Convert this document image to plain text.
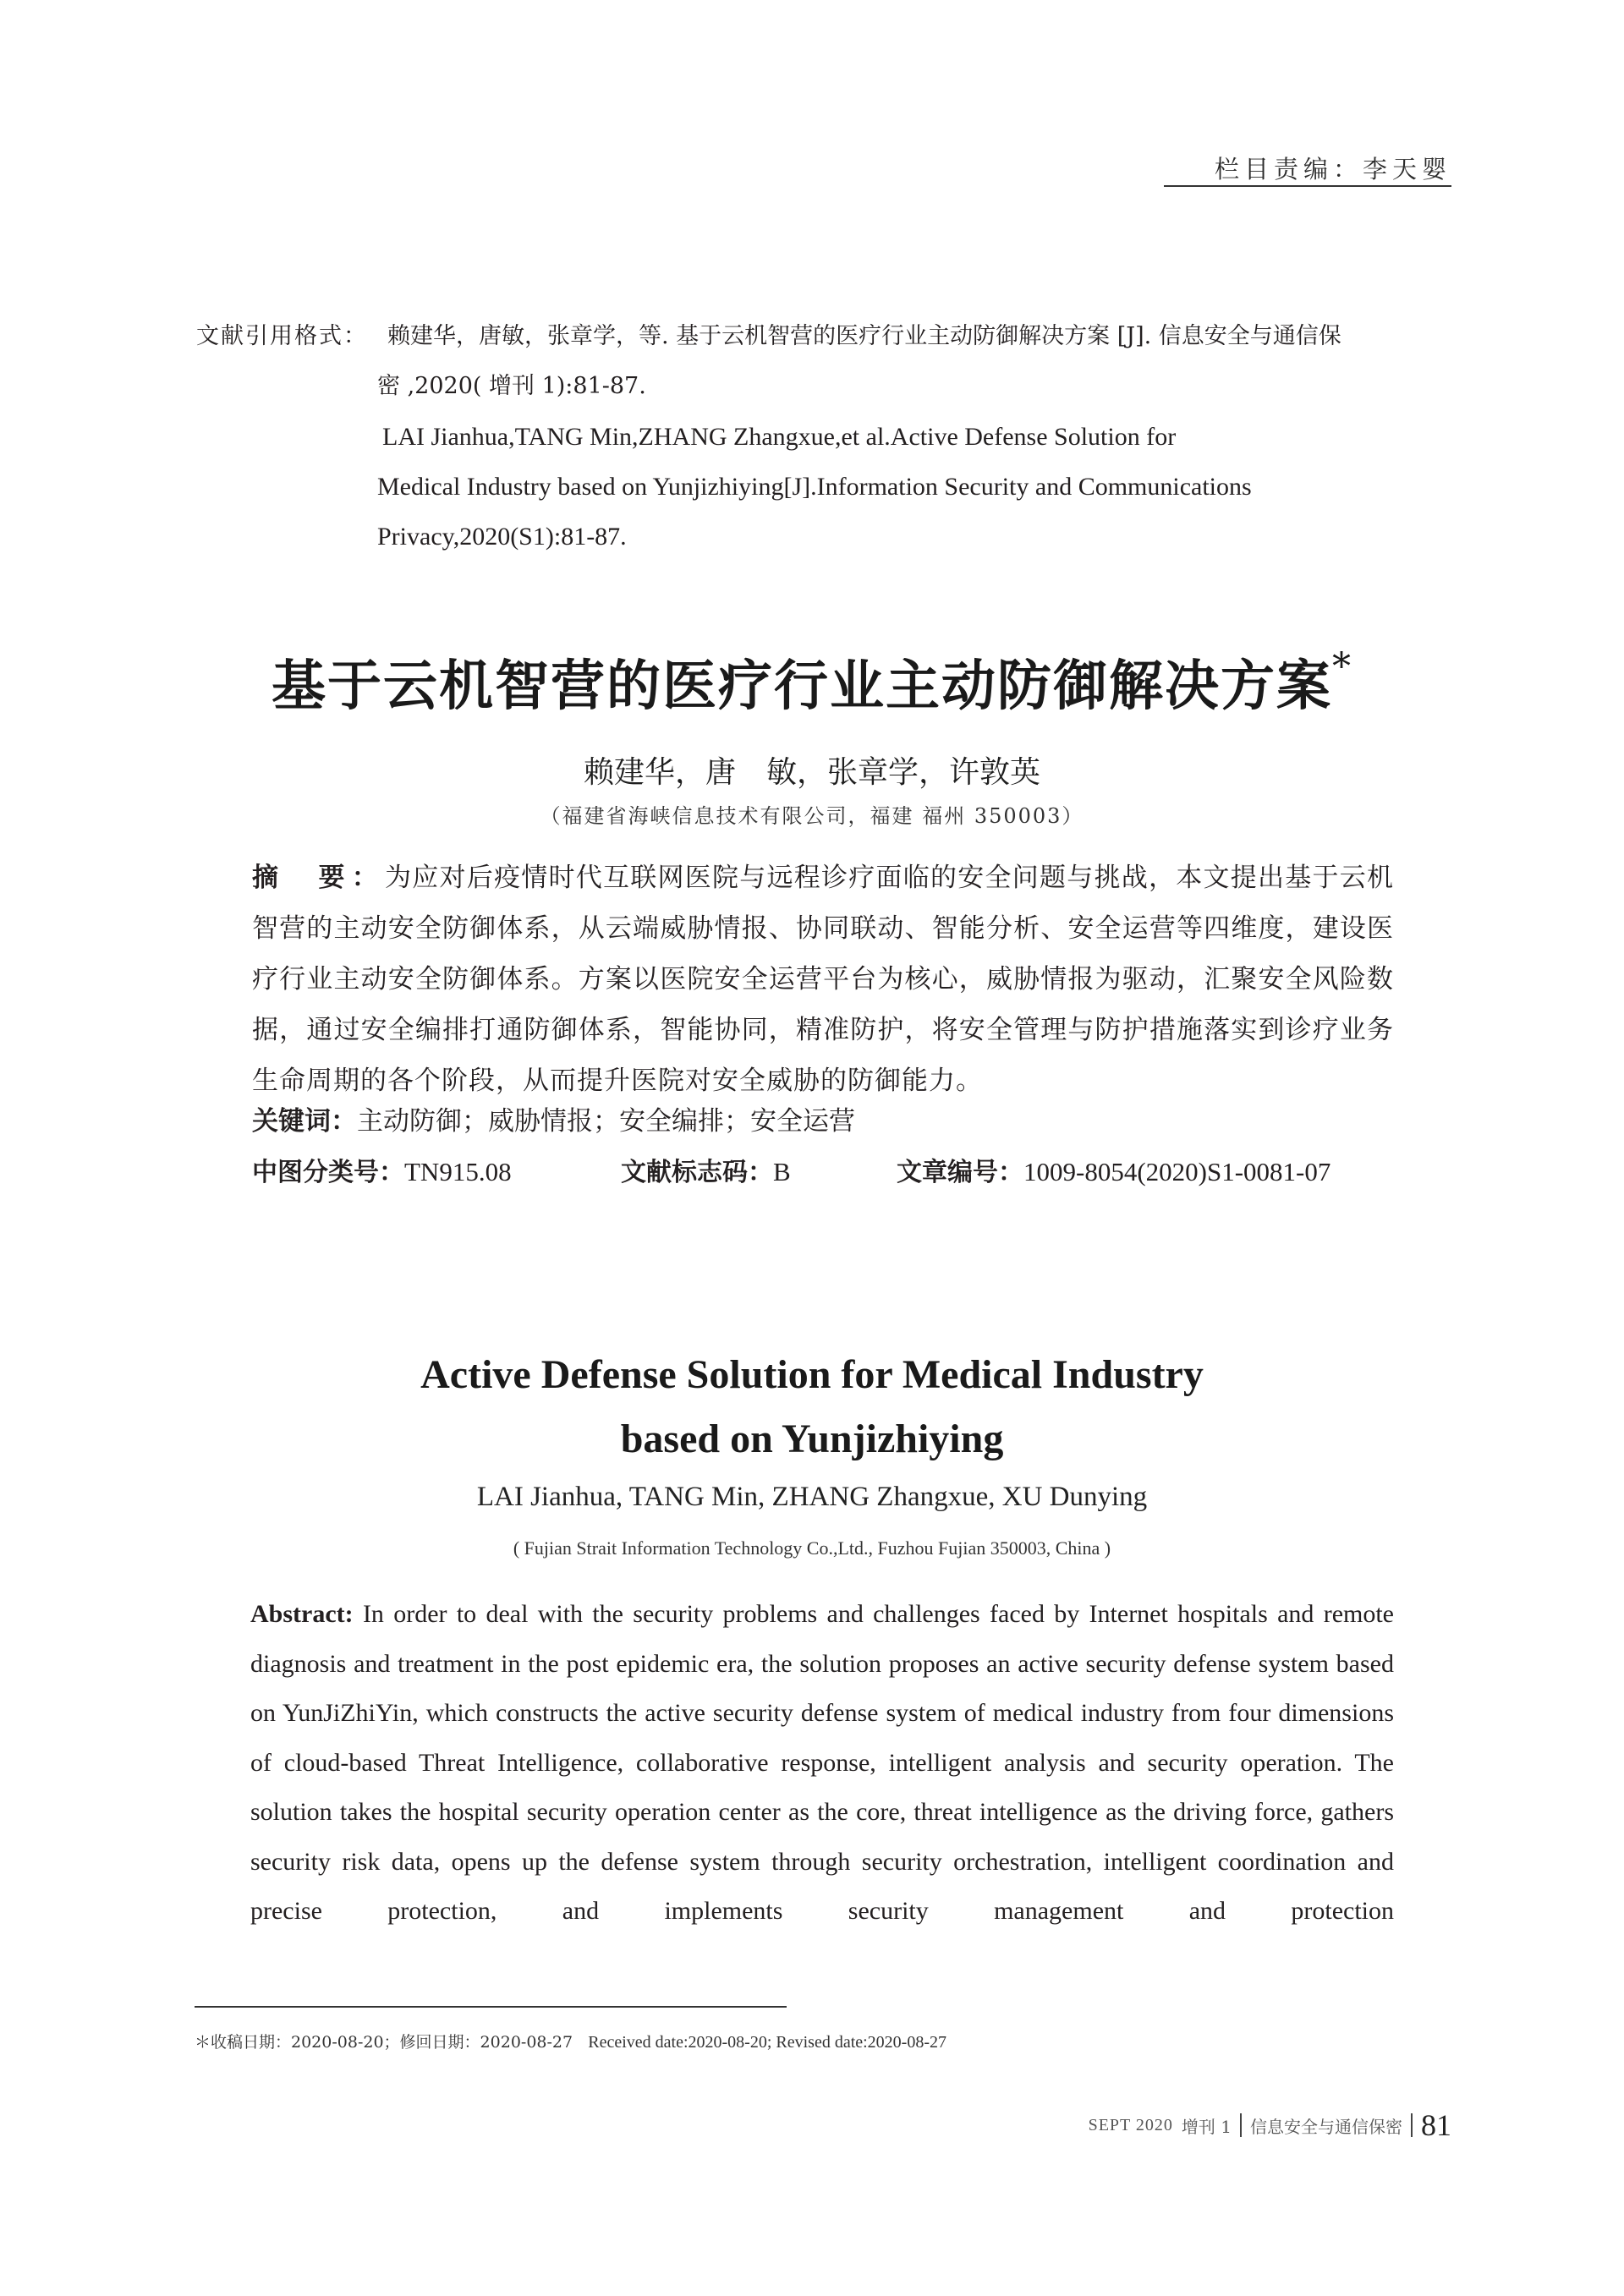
栏目责编：李天婴
文献引用格式： 赖建华，唐敏，张章学，等. 基于云机智营的医疗行业主动防御解决方案 [J]. 信息安全与通信保
密 ,2020( 增刊 1):81-87.
LAI Jianhua,TANG Min,ZHANG Zhangxue,et al.Active Defense Solution for
Medical Industry based on Yunjizhiying[J].Information Security and Communications
Privacy,2020(S1):81-87.
基于云机智营的医疗行业主动防御解决方案*
赖建华，唐　敏，张章学，许敦英
（福建省海峡信息技术有限公司，福建 福州 350003）
摘　要：为应对后疫情时代互联网医院与远程诊疗面临的安全问题与挑战，本文提出基于云机智营的主动安全防御体系，从云端威胁情报、协同联动、智能分析、安全运营等四维度，建设医疗行业主动安全防御体系。方案以医院安全运营平台为核心，威胁情报为驱动，汇聚安全风险数据，通过安全编排打通防御体系，智能协同，精准防护，将安全管理与防护措施落实到诊疗业务生命周期的各个阶段，从而提升医院对安全威胁的防御能力。
关键词：主动防御；威胁情报；安全编排；安全运营
中图分类号：TN915.08	文献标志码：B	文章编号：1009-8054(2020)S1-0081-07
Active Defense Solution for Medical Industry
based on Yunjizhiying
LAI Jianhua, TANG Min, ZHANG Zhangxue, XU Dunying
( Fujian Strait Information Technology Co.,Ltd., Fuzhou Fujian 350003, China )
Abstract: In order to deal with the security problems and challenges faced by Internet hospitals and remote diagnosis and treatment in the post epidemic era, the solution proposes an active security defense system based on YunJiZhiYin, which constructs the active security defense system of medical industry from four dimensions of cloud-based Threat Intelligence, collaborative response, intelligent analysis and security operation. The solution takes the hospital security operation center as the core, threat intelligence as the driving force, gathers security risk data, opens up the defense system through security orchestration, intelligent coordination and precise protection, and implements security management and protection
＊收稿日期：2020-08-20；修回日期：2020-08-27 Received date:2020-08-20; Revised date:2020-08-27
SEPT 2020 增刊 1 信息安全与通信保密 81
